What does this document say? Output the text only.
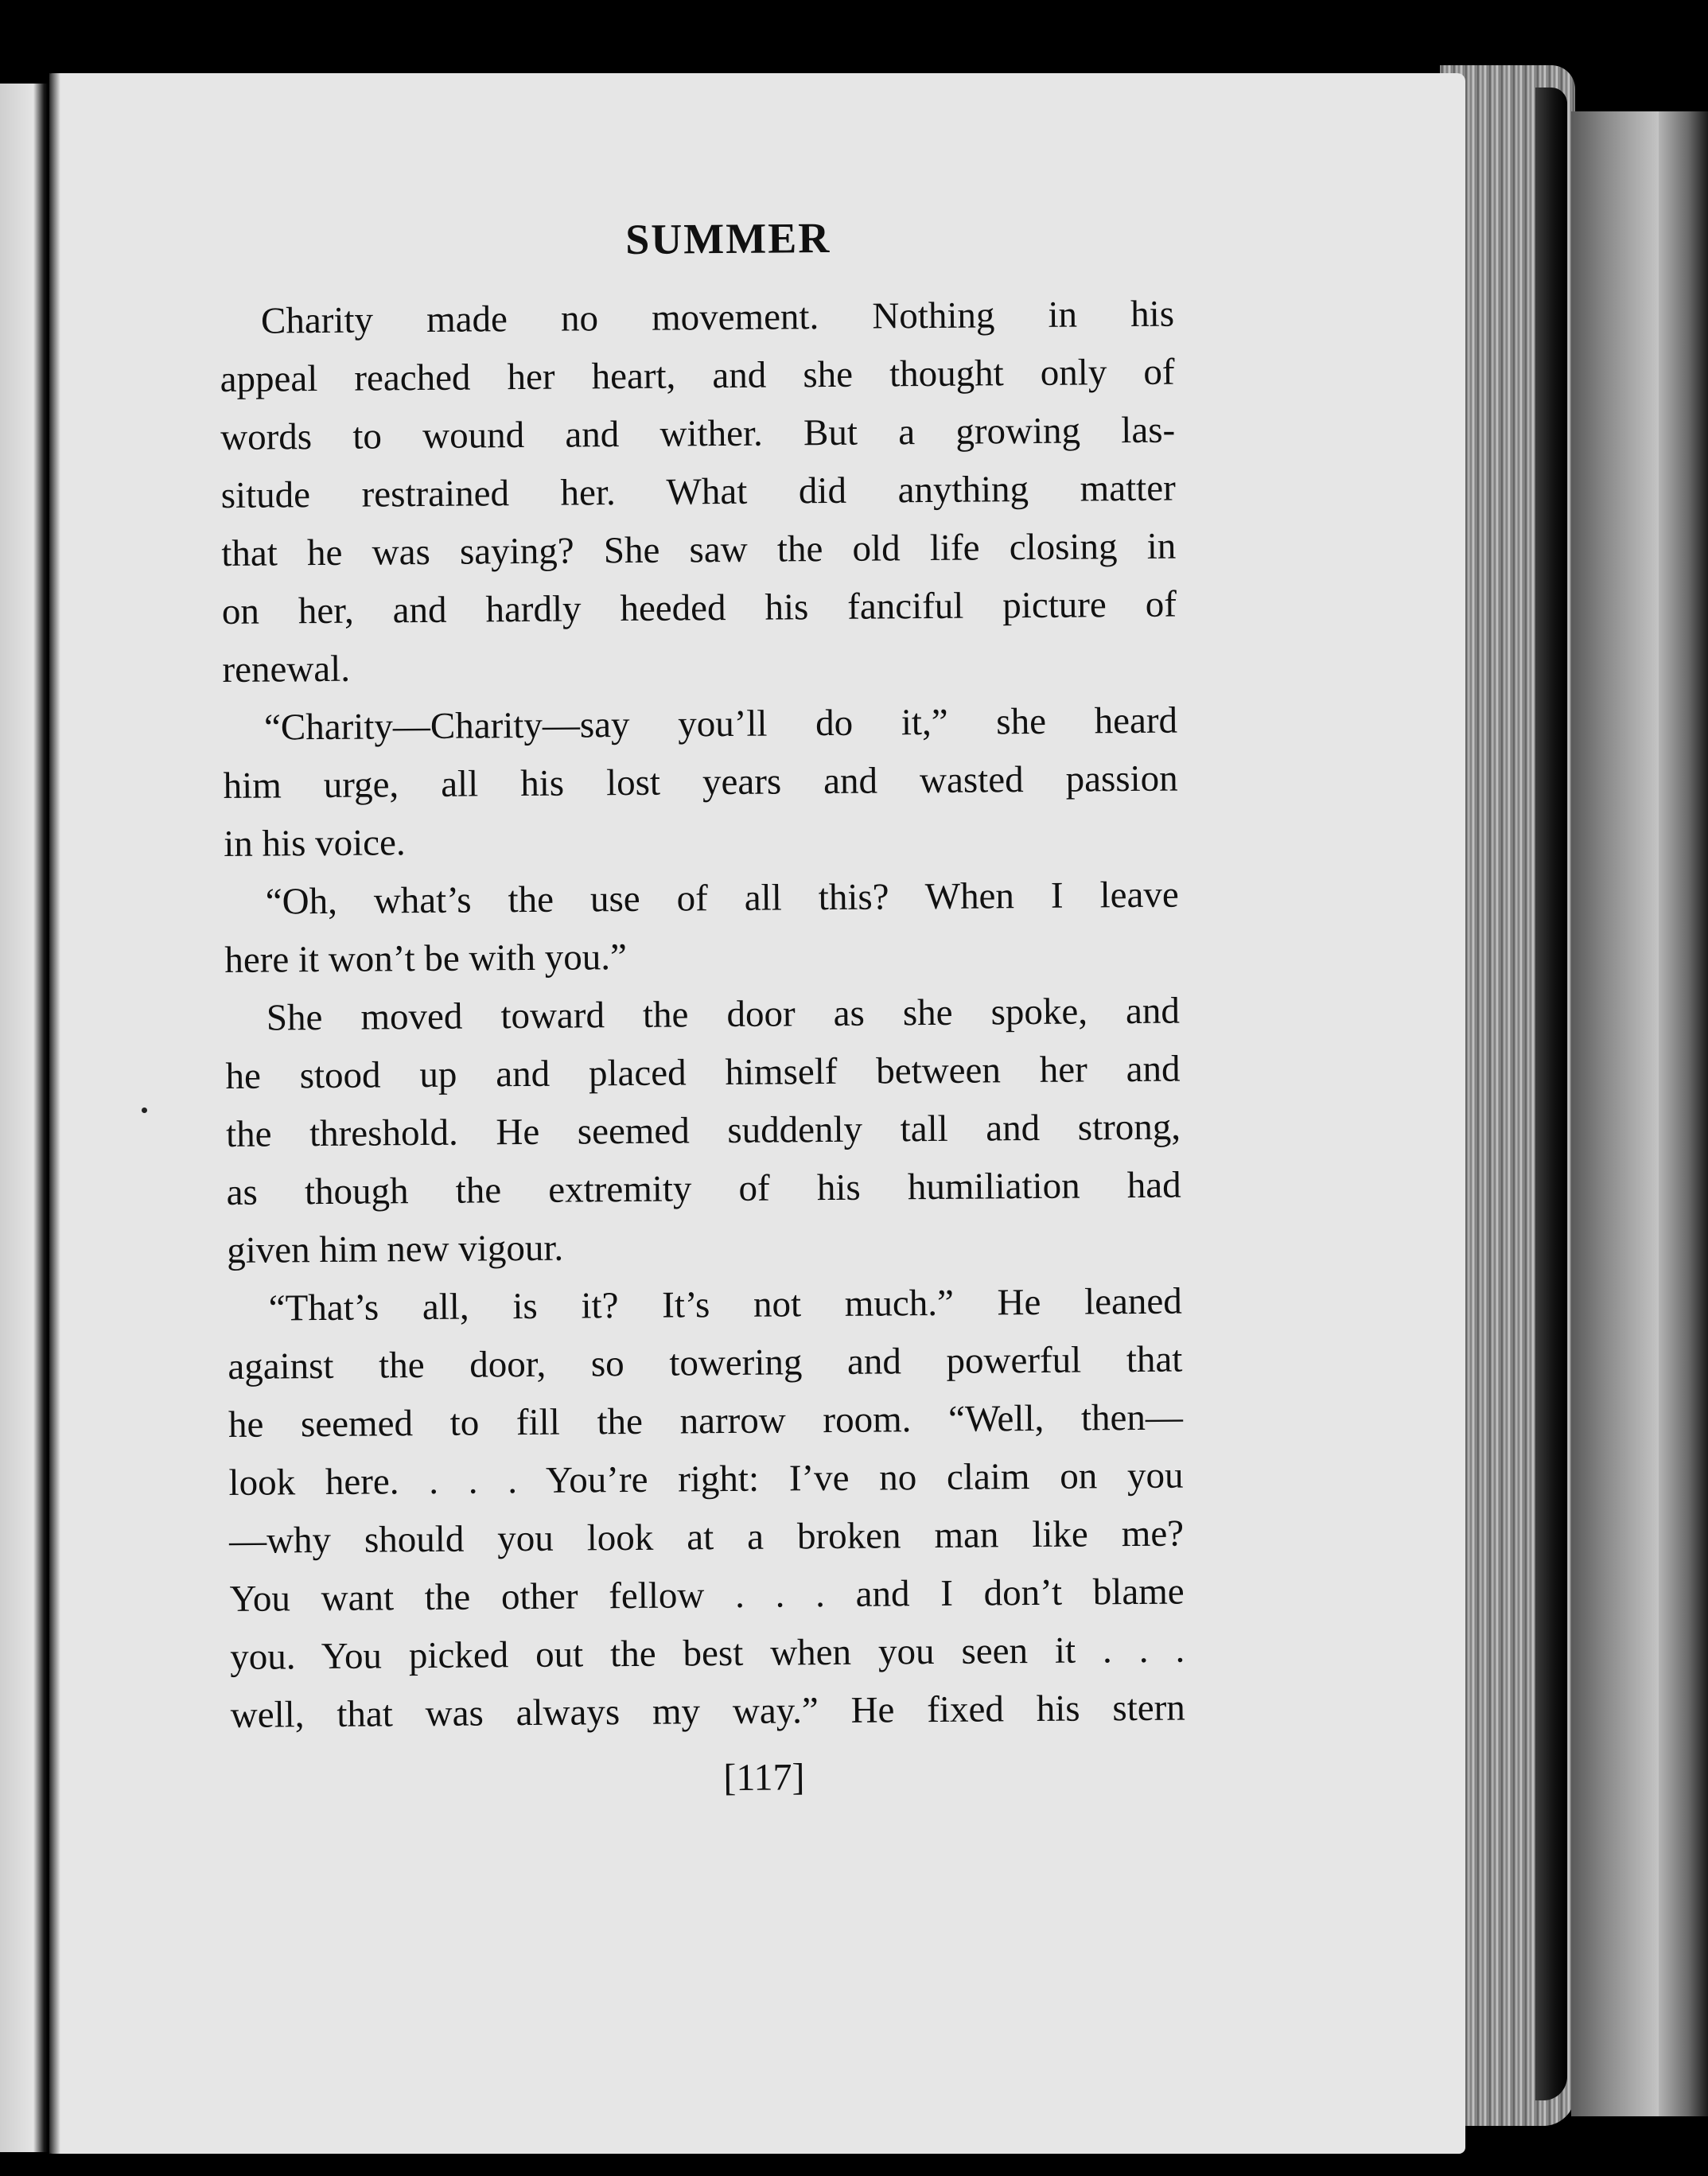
SUMMER
Charity made no movement. Nothing in his
appeal reached her heart, and she thought only of
words to wound and wither. But a growing las-
situde restrained her. What did anything matter
that he was saying? She saw the old life closing in
on her, and hardly heeded his fanciful picture of
renewal.
“Charity—Charity—say you’ll do it,” she heard
him urge, all his lost years and wasted passion
in his voice.
“Oh, what’s the use of all this? When I leave
here it won’t be with you.”
She moved toward the door as she spoke, and
he stood up and placed himself between her and
the threshold. He seemed suddenly tall and strong,
as though the extremity of his humiliation had
given him new vigour.
“That’s all, is it? It’s not much.” He leaned
against the door, so towering and powerful that
he seemed to fill the narrow room. “Well, then—
look here. . . . You’re right: I’ve no claim on you
—why should you look at a broken man like me?
You want the other fellow . . . and I don’t blame
you. You picked out the best when you seen it . . .
well, that was always my way.” He fixed his stern
[117]
